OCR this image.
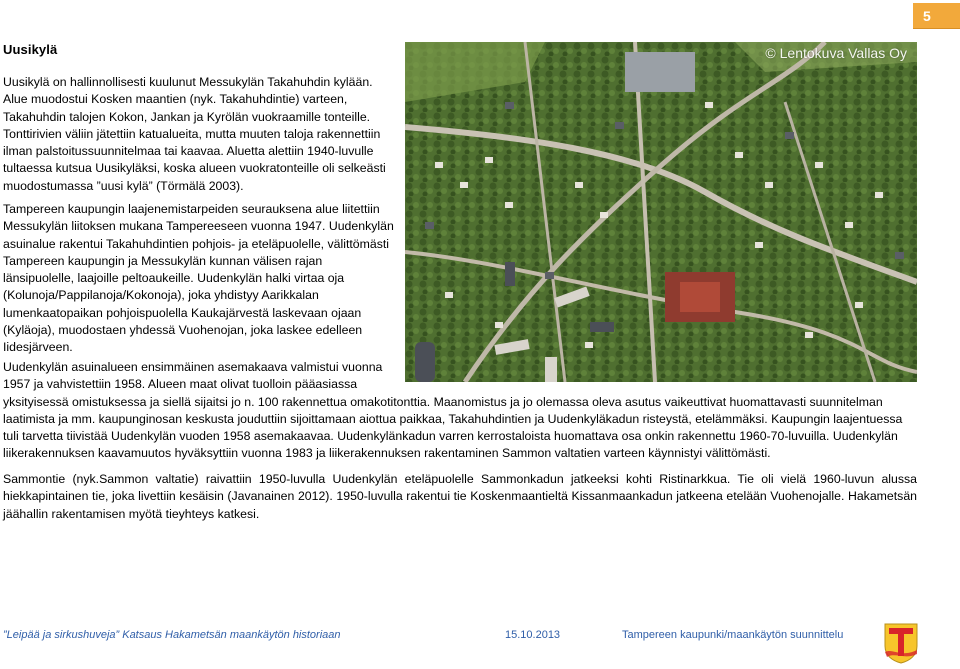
5
Uusikylä

Uusikylä on hallinnollisesti kuulunut Messukylän Takahuhdin kylään. Alue muodostui Kosken maantien (nyk. Takahuhdintie) varteen, Takahuhdin talojen Kokon, Jankan ja Kyrölän vuokraamille tonteille. Tonttirivien väliin jätettiin katualueita, mutta muuten taloja rakennettiin ilman palstoitussuunnitelmaa tai kaavaa. Aluetta alettiin 1940-luvulle tultaessa kutsua Uusikyläksi, koska alueen vuokratonteille oli selkeästi muodostumassa ”uusi kylä” (Törmälä 2003).

Tampereen kaupungin laajenemistarpeiden seurauksena alue liitettiin Messukylän liitoksen mukana Tampereeseen vuonna 1947. Uudenkylän asuinalue rakentui Takahuhdintien pohjois- ja eteläpuolelle, välittömästi Tampereen kaupungin ja Messukylän kunnan välisen rajan länsipuolelle, laajoille peltoaukeille. Uudenkylän halki virtaa oja (Kolunoja/Pappilanoja/Kokonoja), joka yhdistyy Aarikkalan lumenkaatopaikan pohjoispuolella Kaukajärvestä laskevaan ojaan (Kyläoja), muodostaen yhdessä Vuohenojan, joka laskee edelleen Iidesjärveen.

Uudenkylän asuinalueen ensimmäinen asemakaava valmistui vuonna 1957 ja vahvistettiin 1958. Alueen maat olivat tuolloin pääasiassa
yksityisessä omistuksessa ja siellä sijaitsi jo n. 100 rakennettua omakotitonttia. Maanomistus ja jo olemassa oleva asutus vaikeuttivat huomattavasti suunnitelman laatimista ja mm. kaupunginosan keskusta jouduttiin sijoittamaan aiottua paikkaa, Takahuhdintien ja Uudenkyläkadun risteystä, etelämmäksi. Kaupungin laajentuessa tuli tarvetta tiivistää Uudenkylän vuoden 1958 asemakaavaa. Uudenkylänkadun varren kerrostaloista huomattava osa onkin rakennettu 1960-70-luvuilla. Uudenkylän liikerakennuksen kaavamuutos hyväksyttiin vuonna 1983 ja liikerakennuksen rakentaminen Sammon valtatien varteen käynnistyi välittömästi.

Sammontie (nyk.Sammon valtatie) raivattiin 1950-luvulla Uudenkylän eteläpuolelle Sammonkadun jatkeeksi kohti Ristinarkkua. Tie oli vielä 1960-luvun alussa hiekkapintainen tie, joka livettiin kesäisin (Javanainen 2012). 1950-luvulla rakentui tie Koskenmaantieltä Kissanmaankadun jatkeena etelään Vuohenojalle. Hakametsän jäähallin rakentamisen myötä tieyhteys katkesi.

© Lentokuva Vallas Oy
”Leipää ja sirkushuveja” Katsaus Hakametsän maankäytön historiaan	15.10.2013	Tampereen kaupunki/maankäytön suunnittelu
